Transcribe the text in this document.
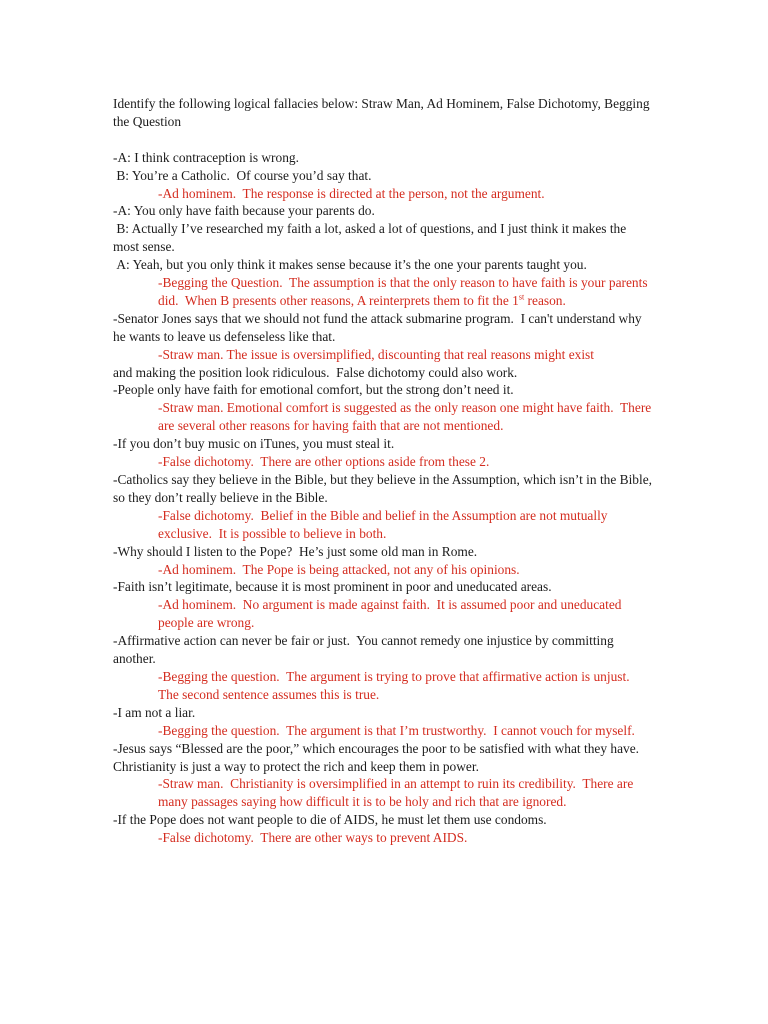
Identify the following logical fallacies below: Straw Man, Ad Hominem, False Dichotomy, Begging the Question

-A: I think contraception is wrong.

B: You’re a Catholic.  Of course you’d say that.

-Ad hominem.  The response is directed at the person, not the argument.

-A: You only have faith because your parents do.

B: Actually I’ve researched my faith a lot, asked a lot of questions, and I just think it makes the most sense.

A: Yeah, but you only think it makes sense because it’s the one your parents taught you.

-Begging the Question.  The assumption is that the only reason to have faith is your parents did.  When B presents other reasons, A reinterprets them to fit the 1st reason.

-Senator Jones says that we should not fund the attack submarine program.  I can't understand why he wants to leave us defenseless like that.

-Straw man. The issue is oversimplified, discounting that real reasons might exist

and making the position look ridiculous.  False dichotomy could also work.

-People only have faith for emotional comfort, but the strong don’t need it.

-Straw man. Emotional comfort is suggested as the only reason one might have faith.  There are several other reasons for having faith that are not mentioned.

-If you don’t buy music on iTunes, you must steal it.

-False dichotomy.  There are other options aside from these 2.

-Catholics say they believe in the Bible, but they believe in the Assumption, which isn’t in the Bible, so they don’t really believe in the Bible.

-False dichotomy.  Belief in the Bible and belief in the Assumption are not mutually exclusive.  It is possible to believe in both.

-Why should I listen to the Pope?  He’s just some old man in Rome.

-Ad hominem.  The Pope is being attacked, not any of his opinions.

-Faith isn’t legitimate, because it is most prominent in poor and uneducated areas.

-Ad hominem.  No argument is made against faith.  It is assumed poor and uneducated people are wrong.

-Affirmative action can never be fair or just.  You cannot remedy one injustice by committing another.

-Begging the question.  The argument is trying to prove that affirmative action is unjust.  The second sentence assumes this is true.

-I am not a liar.

-Begging the question.  The argument is that I’m trustworthy.  I cannot vouch for myself.

-Jesus says “Blessed are the poor,” which encourages the poor to be satisfied with what they have.  Christianity is just a way to protect the rich and keep them in power.

-Straw man.  Christianity is oversimplified in an attempt to ruin its credibility.  There are many passages saying how difficult it is to be holy and rich that are ignored.

-If the Pope does not want people to die of AIDS, he must let them use condoms.

-False dichotomy.  There are other ways to prevent AIDS.
